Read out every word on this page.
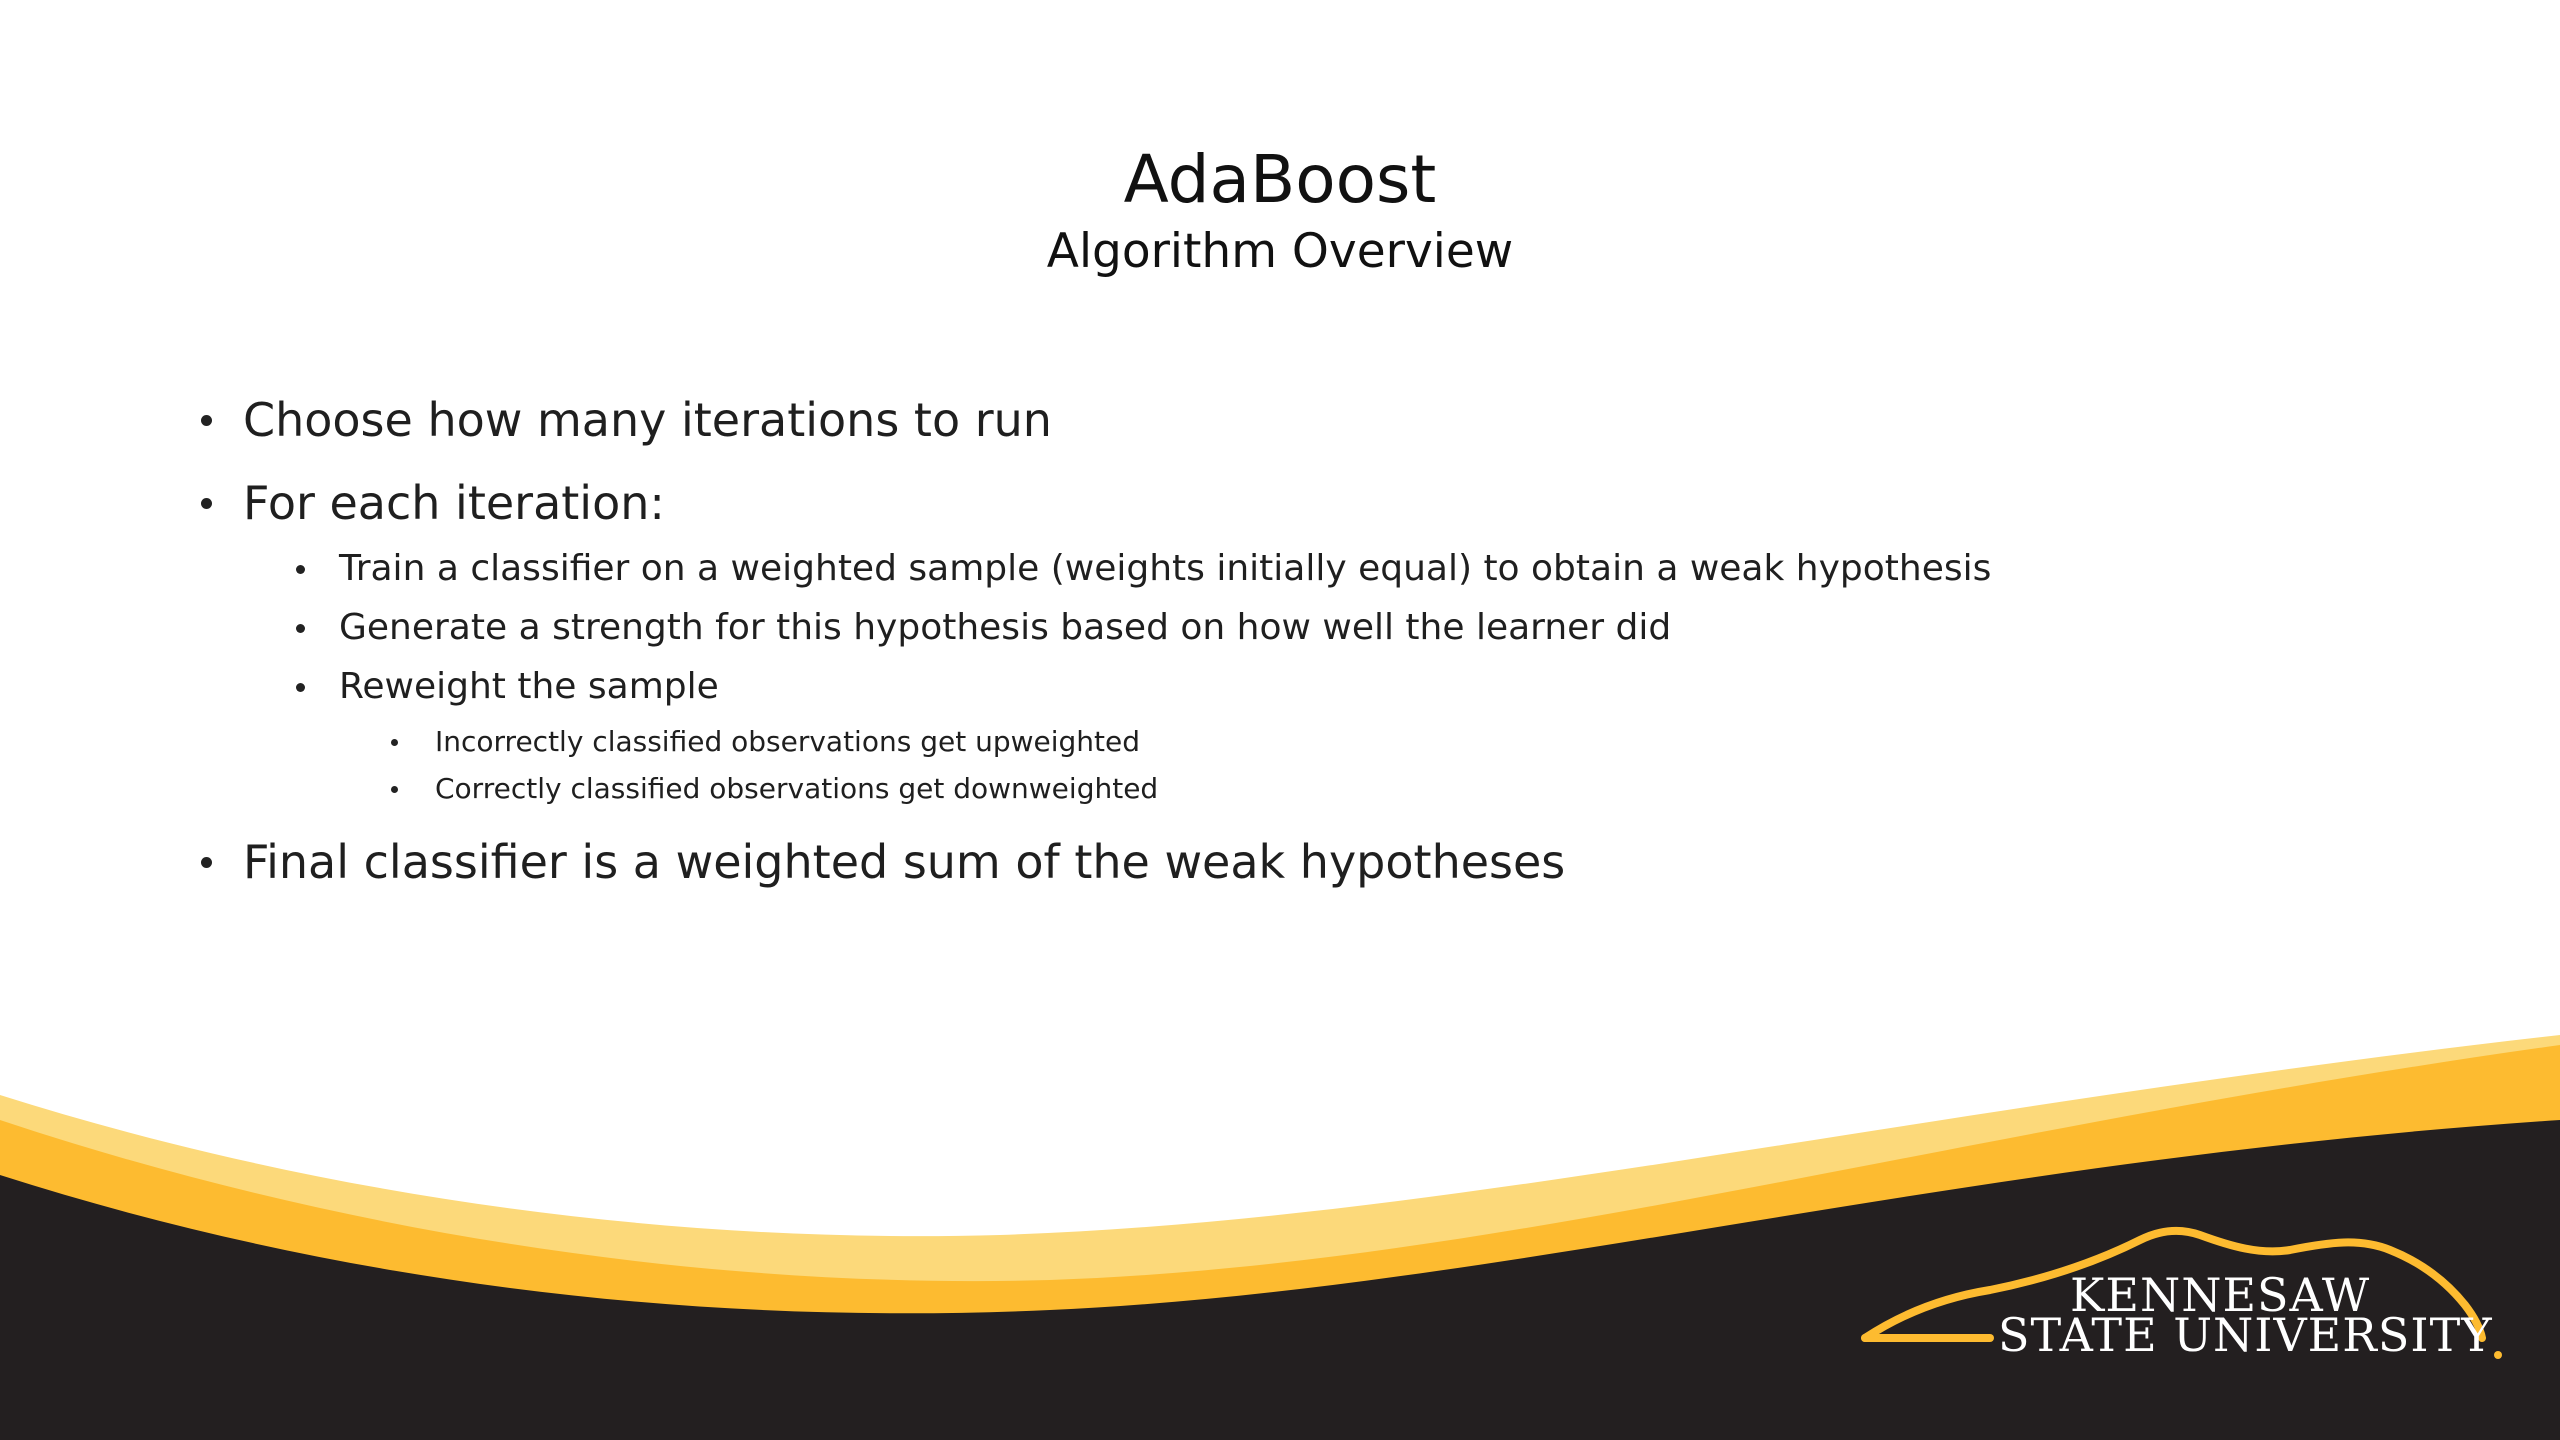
AdaBoost
Algorithm Overview
Choose how many iterations to run
For each iteration:
Train a classifier on a weighted sample (weights initially equal) to obtain a weak hypothesis
Generate a strength for this hypothesis based on how well the learner did
Reweight the sample
Incorrectly classified observations get upweighted
Correctly classified observations get downweighted
Final classifier is a weighted sum of the weak hypotheses
KENNESAW
STATE UNIVERSITY
